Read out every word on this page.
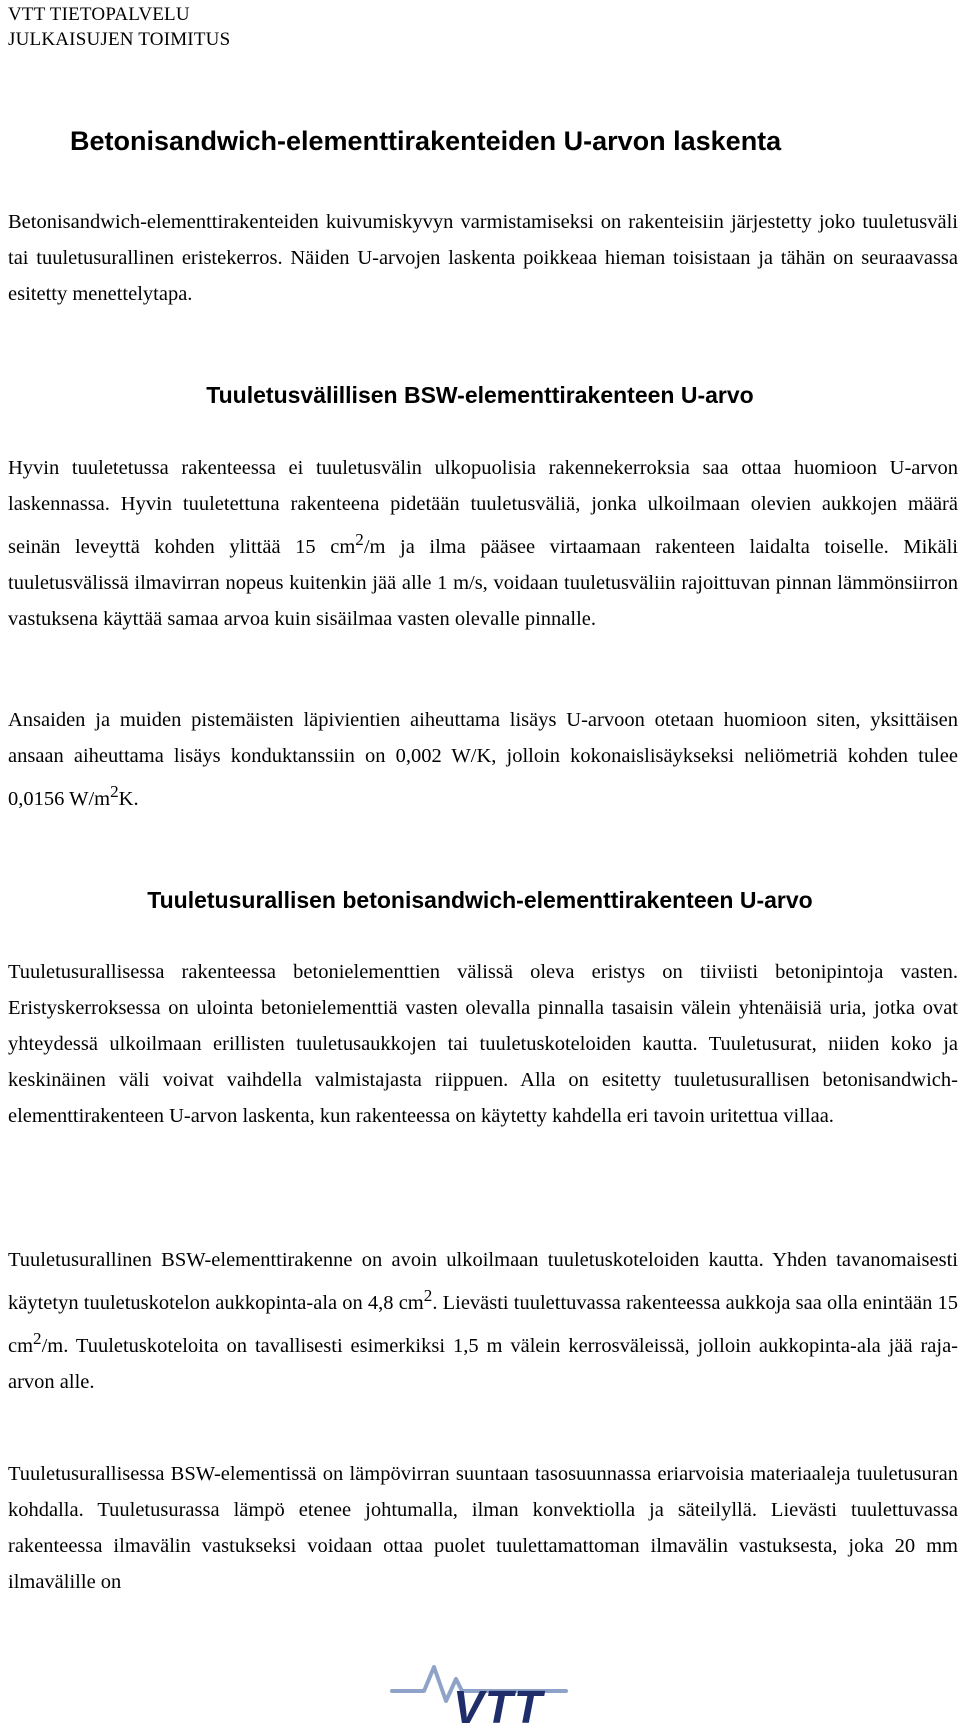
VTT TIETOPALVELU
JULKAISUJEN TOIMITUS
Betonisandwich-elementtirakenteiden U-arvon laskenta

Betonisandwich-elementtirakenteiden kuivumiskyvyn varmistamiseksi on rakenteisiin järjestetty joko tuuletusväli tai tuuletusurallinen eristekerros. Näiden U-arvojen laskenta poikkeaa hieman toisistaan ja tähän on seuraavassa esitetty menettelytapa.

Tuuletusvälillisen BSW-elementtirakenteen U-arvo

Hyvin tuuletetussa rakenteessa ei tuuletusvälin ulkopuolisia rakennekerroksia saa ottaa huomioon U-arvon laskennassa. Hyvin tuuletettuna rakenteena pidetään tuuletusväliä, jonka ulkoilmaan olevien aukkojen määrä seinän leveyttä kohden ylittää 15 $cm^2/m$ ja ilma pääsee virtaamaan rakenteen laidalta toiselle. Mikäli tuuletusvälissä ilmavirran nopeus kuitenkin jää alle 1 m/s, voidaan tuuletusväliin rajoittuvan pinnan lämmönsiirron vastuksena käyttää samaa arvoa kuin sisäilmaa vasten olevalle pinnalle.

Ansaiden ja muiden pistemäisten läpivientien aiheuttama lisäys U-arvoon otetaan huomioon siten, yksittäisen ansaan aiheuttama lisäys konduktanssiin on 0,002 W/K, jolloin kokonaislisäykseksi neliömetriä kohden tulee 0,0156 $W/m^2K$.

Tuuletusurallisen betonisandwich-elementtirakenteen U-arvo

Tuuletusurallisessa rakenteessa betonielementtien välissä oleva eristys on tiiviisti betonipintoja vasten. Eristyskerroksessa on ulointa betonielementtiä vasten olevalla pinnalla tasaisin välein yhtenäisiä uria, jotka ovat yhteydessä ulkoilmaan erillisten tuuletusaukkojen tai tuuletuskoteloiden kautta. Tuuletusurat, niiden koko ja keskinäinen väli voivat vaihdella valmistajasta riippuen. Alla on esitetty tuuletusurallisen betonisandwich-elementtirakenteen U-arvon laskenta, kun rakenteessa on käytetty kahdella eri tavoin uritettua villaa.

Tuuletusurallinen BSW-elementtirakenne on avoin ulkoilmaan tuuletuskoteloiden kautta. Yhden tavanomaisesti käytetyn tuuletuskotelon aukkopinta-ala on 4,8 $cm^2$. Lievästi tuulettuvassa rakenteessa aukkoja saa olla enintään 15 $cm^2/m$. Tuuletuskoteloita on tavallisesti esimerkiksi 1,5 m välein kerrosväleissä, jolloin aukkopinta-ala jää raja-arvon alle.

Tuuletusurallisessa BSW-elementissä on lämpövirran suuntaan tasosuunnassa eriarvoisia materiaaleja tuuletusuran kohdalla. Tuuletusurassa lämpö etenee johtumalla, ilman konvektiolla ja säteilyllä. Lievästi tuulettuvassa rakenteessa ilmavälin vastukseksi voidaan ottaa puolet tuulettamattoman ilmavälin vastuksesta, joka 20 mm ilmavälille on

VTT
